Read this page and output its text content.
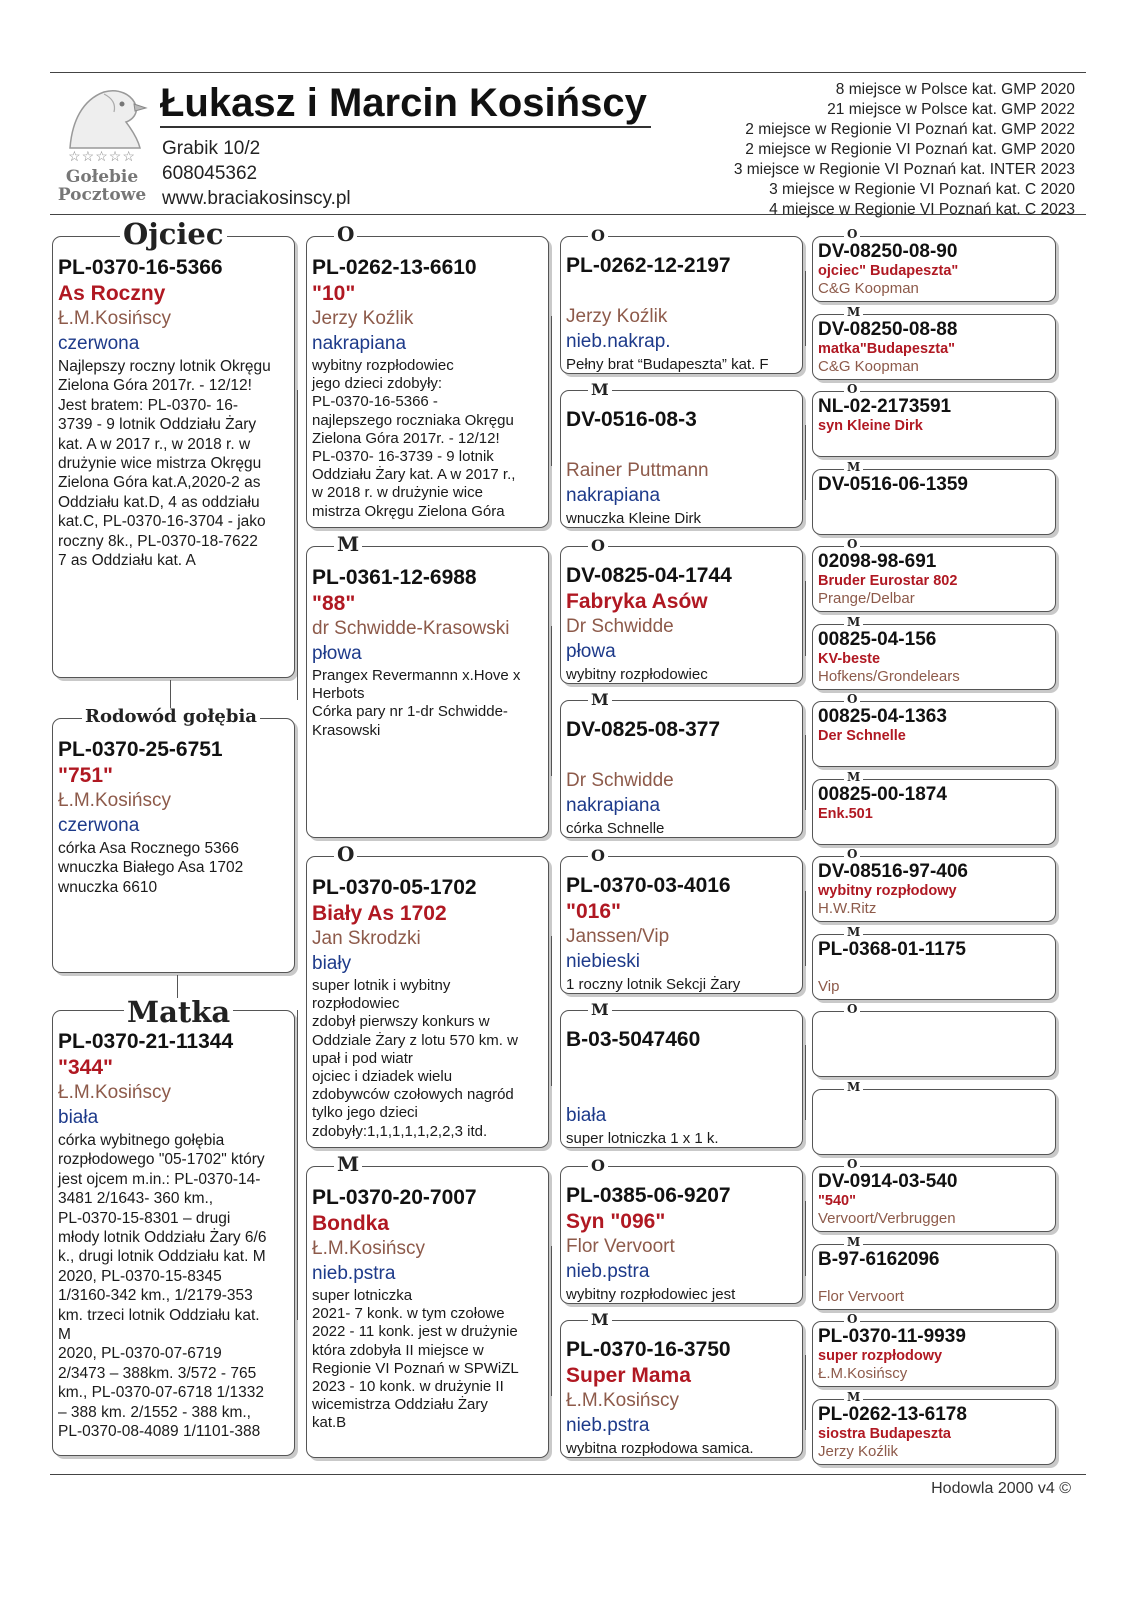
☆☆☆☆☆
Gołebie
Pocztowe
Łukasz i Marcin Kosińscy
Grabik 10/2
608045362
www.braciakosinscy.pl
8 miejsce w Polsce kat. GMP 2020
21 miejsce w Polsce kat. GMP 2022
2 miejsce w Regionie VI Poznań kat. GMP 2022
2 miejsce w Regionie VI Poznań kat. GMP 2020
3 miejsce w Regionie VI Poznań kat. INTER 2023
3 miejsce w Regionie VI Poznań kat. C 2020
4 miejsce w Regionie VI Poznań kat. C 2023
PL-0370-16-5366
As Roczny
Ł.M.Kosińscy
czerwona
Najlepszy roczny lotnik Okręgu
Zielona Góra 2017r. - 12/12!
Jest bratem: PL-0370- 16-
3739 - 9 lotnik Oddziału Żary
kat. A w 2017 r., w 2018 r. w
drużynie wice mistrza Okręgu
Zielona Góra kat.A,2020-2 as
Oddziału kat.D, 4 as oddziału
kat.C, PL-0370-16-3704 - jako
roczny 8k., PL-0370-18-7622
7 as Oddziału kat. A
Ojciec
PL-0370-25-6751
"751"
Ł.M.Kosińscy
czerwona
córka Asa Rocznego 5366
wnuczka Białego Asa 1702
wnuczka 6610
Rodowód gołębia
PL-0370-21-11344
"344"
Ł.M.Kosińscy
biała
córka wybitnego gołębia
rozpłodowego "05-1702" który
jest ojcem m.in.: PL-0370-14-
3481 2/1643- 360 km.,
PL-0370-15-8301 – drugi
młody lotnik Oddziału Żary 6/6
k., drugi lotnik Oddziału kat. M
2020, PL-0370-15-8345
1/3160-342 km., 1/2179-353
km. trzeci lotnik Oddziału kat.
M
2020, PL-0370-07-6719
2/3473 – 388km. 3/572 - 765
km., PL-0370-07-6718 1/1332
– 388 km. 2/1552 - 388 km.,
PL-0370-08-4089 1/1101-388
Matka
Hodowla 2000 v4 ©
PL-0262-13-6610
"10"
Jerzy Koźlik
nakrapiana
wybitny rozpłodowiec
jego dzieci zdobyły:
PL-0370-16-5366 -
najlepszego roczniaka Okręgu
Zielona Góra 2017r. - 12/12!
PL-0370- 16-3739 - 9 lotnik
Oddziału Żary kat. A w 2017 r.,
w 2018 r. w drużynie wice
mistrza Okręgu Zielona Góra
O
PL-0361-12-6988
"88"
dr Schwidde-Krasowski
płowa
Prangex Revermannn x.Hove x
Herbots
Córka pary nr 1-dr Schwidde-
Krasowski
M
PL-0370-05-1702
Biały As 1702
Jan Skrodzki
biały
super lotnik i wybitny
rozpłodowiec
zdobył pierwszy konkurs w
Oddziale Żary z lotu 570 km. w
upał i pod wiatr
ojciec i dziadek wielu
zdobywców czołowych nagród
tylko jego dzieci
zdobyły:1,1,1,1,1,2,2,3 itd.
O
PL-0370-20-7007
Bondka
Ł.M.Kosińscy
nieb.pstra
super lotniczka
2021- 7 konk. w tym czołowe
2022 - 11 konk. jest w drużynie
która zdobyła II miejsce w
Regionie VI Poznań w SPWiZL
2023 - 10 konk. w drużynie II
wicemistrza Oddziału Żary
kat.B
M
PL-0262-12-2197
Jerzy Koźlik
nieb.nakrap.
Pełny brat “Budapeszta” kat. F
O
DV-0516-08-3
Rainer Puttmann
nakrapiana
wnuczka Kleine Dirk
M
DV-0825-04-1744
Fabryka Asów
Dr Schwidde
płowa
wybitny rozpłodowiec
O
DV-0825-08-377
Dr Schwidde
nakrapiana
córka Schnelle
M
PL-0370-03-4016
"016"
Janssen/Vip
niebieski
1 roczny lotnik Sekcji Żary
O
B-03-5047460
biała
super lotniczka 1 x 1 k.
M
PL-0385-06-9207
Syn "096"
Flor Vervoort
nieb.pstra
wybitny rozpłodowiec jest
O
PL-0370-16-3750
Super Mama
Ł.M.Kosińscy
nieb.pstra
wybitna rozpłodowa samica.
M
DV-08250-08-90
ojciec" Budapeszta"
C&G Koopman
O
DV-08250-08-88
matka"Budapeszta"
C&G Koopman
M
NL-02-2173591
syn Kleine Dirk
O
DV-0516-06-1359
M
02098-98-691
Bruder Eurostar 802
Prange/Delbar
O
00825-04-156
KV-beste
Hofkens/Grondelears
M
00825-04-1363
Der Schnelle
O
00825-00-1874
Enk.501
M
DV-08516-97-406
wybitny rozpłodowy
H.W.Ritz
O
PL-0368-01-1175
Vip
M
O
M
DV-0914-03-540
"540"
Vervoort/Verbruggen
O
B-97-6162096
Flor Vervoort
M
PL-0370-11-9939
super rozpłodowy
Ł.M.Kosińscy
O
PL-0262-13-6178
siostra Budapeszta
Jerzy Koźlik
M
